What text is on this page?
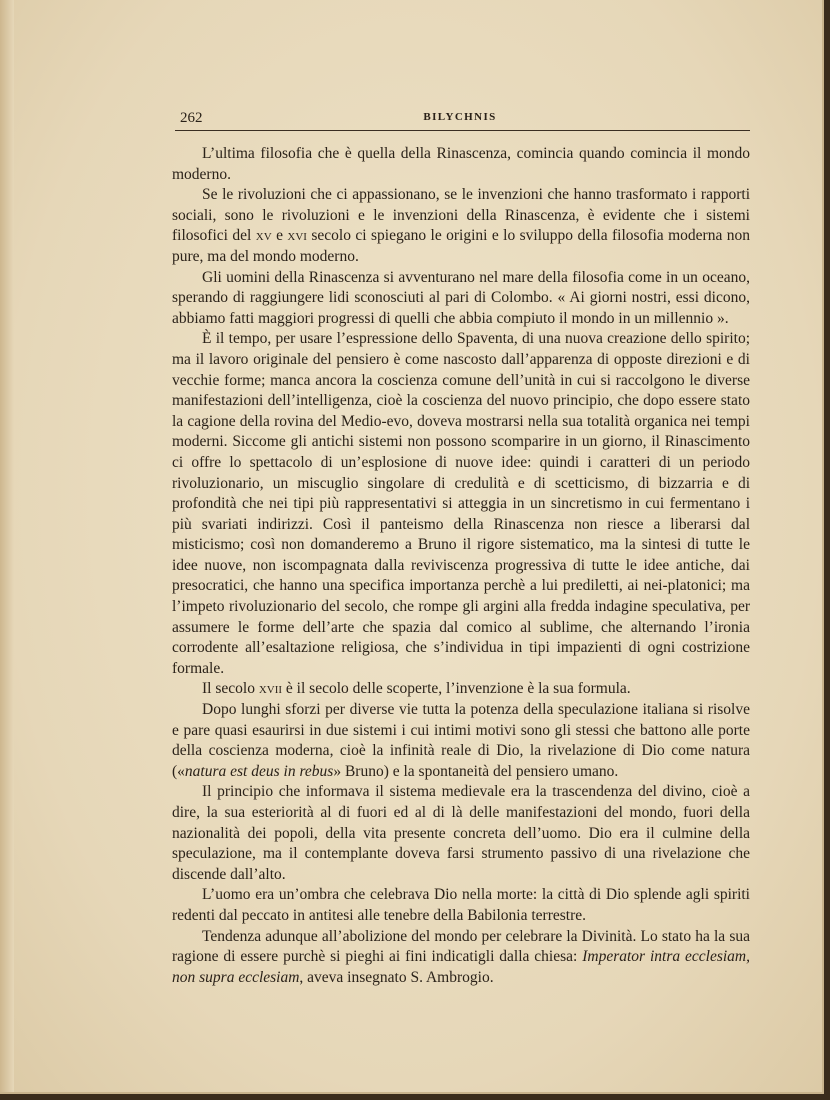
262	BILYCHNIS

L’ultima filosofia che è quella della Rinascenza, comincia quando comincia il mondo moderno.

Se le rivoluzioni che ci appassionano, se le invenzioni che hanno trasformato i rapporti sociali, sono le rivoluzioni e le invenzioni della Rinascenza, è evidente che i sistemi filosofici del xv e xvi secolo ci spiegano le origini e lo sviluppo della filosofia moderna non pure, ma del mondo moderno.

Gli uomini della Rinascenza si avventurano nel mare della filosofia come in un oceano, sperando di raggiungere lidi sconosciuti al pari di Colombo. « Ai giorni nostri, essi dicono, abbiamo fatti maggiori progressi di quelli che abbia compiuto il mondo in un millennio ».

È il tempo, per usare l’espressione dello Spaventa, di una nuova creazione dello spirito; ma il lavoro originale del pensiero è come nascosto dall’apparenza di opposte direzioni e di vecchie forme; manca ancora la coscienza comune dell’unità in cui si raccolgono le diverse manifestazioni dell’intelligenza, cioè la coscienza del nuovo principio, che dopo essere stato la cagione della rovina del Medio-evo, doveva mostrarsi nella sua totalità organica nei tempi moderni. Siccome gli antichi sistemi non possono scomparire in un giorno, il Rinascimento ci offre lo spettacolo di un’esplosione di nuove idee: quindi i caratteri di un periodo rivoluzionario, un miscuglio singolare di credulità e di scetticismo, di bizzarria e di profondità che nei tipi più rappresentativi si atteggia in un sincretismo in cui fermentano i più svariati indirizzi. Così il panteismo della Rinascenza non riesce a liberarsi dal misticismo; così non domanderemo a Bruno il rigore sistematico, ma la sintesi di tutte le idee nuove, non iscompagnata dalla reviviscenza progressiva di tutte le idee antiche, dai presocratici, che hanno una specifica importanza perchè a lui prediletti, ai nei-platonici; ma l’impeto rivoluzionario del secolo, che rompe gli argini alla fredda indagine speculativa, per assumere le forme dell’arte che spazia dal comico al sublime, che alternando l’ironia corrodente all’esaltazione religiosa, che s’individua in tipi impazienti di ogni costrizione formale.

Il secolo xvii è il secolo delle scoperte, l’invenzione è la sua formula.

Dopo lunghi sforzi per diverse vie tutta la potenza della speculazione italiana si risolve e pare quasi esaurirsi in due sistemi i cui intimi motivi sono gli stessi che battono alle porte della coscienza moderna, cioè la infinità reale di Dio, la rivelazione di Dio come natura («natura est deus in rebus» Bruno) e la spontaneità del pensiero umano.

Il principio che informava il sistema medievale era la trascendenza del divino, cioè a dire, la sua esteriorità al di fuori ed al di là delle manifestazioni del mondo, fuori della nazionalità dei popoli, della vita presente concreta dell’uomo. Dio era il culmine della speculazione, ma il contemplante doveva farsi strumento passivo di una rivelazione che discende dall’alto.

L’uomo era un’ombra che celebrava Dio nella morte: la città di Dio splende agli spiriti redenti dal peccato in antitesi alle tenebre della Babilonia terrestre.

Tendenza adunque all’abolizione del mondo per celebrare la Divinità. Lo stato ha la sua ragione di essere purchè si pieghi ai fini indicatigli dalla chiesa: Imperator intra ecclesiam, non supra ecclesiam, aveva insegnato S. Ambrogio.
